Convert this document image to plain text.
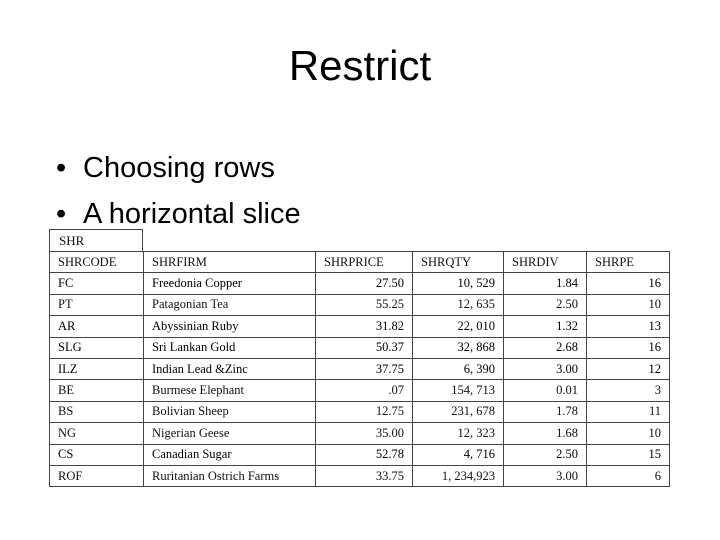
Restrict
• Choosing rows
• A horizontal slice
SHR
SHRCODE	SHRFIRM	SHRPRICE	SHRQTY	SHRDIV	SHRPE
FC	Freedonia Copper	27.50	10, 529	1.84	16
PT	Patagonian Tea	55.25	12, 635	2.50	10
AR	Abyssinian Ruby	31.82	22, 010	1.32	13
SLG	Sri Lankan Gold	50.37	32, 868	2.68	16
ILZ	Indian Lead &Zinc	37.75	6, 390	3.00	12
BE	Burmese Elephant	.07	154, 713	0.01	3
BS	Bolivian Sheep	12.75	231, 678	1.78	11
NG	Nigerian Geese	35.00	12, 323	1.68	10
CS	Canadian Sugar	52.78	4, 716	2.50	15
ROF	Ruritanian Ostrich Farms	33.75	1, 234,923	3.00	6
